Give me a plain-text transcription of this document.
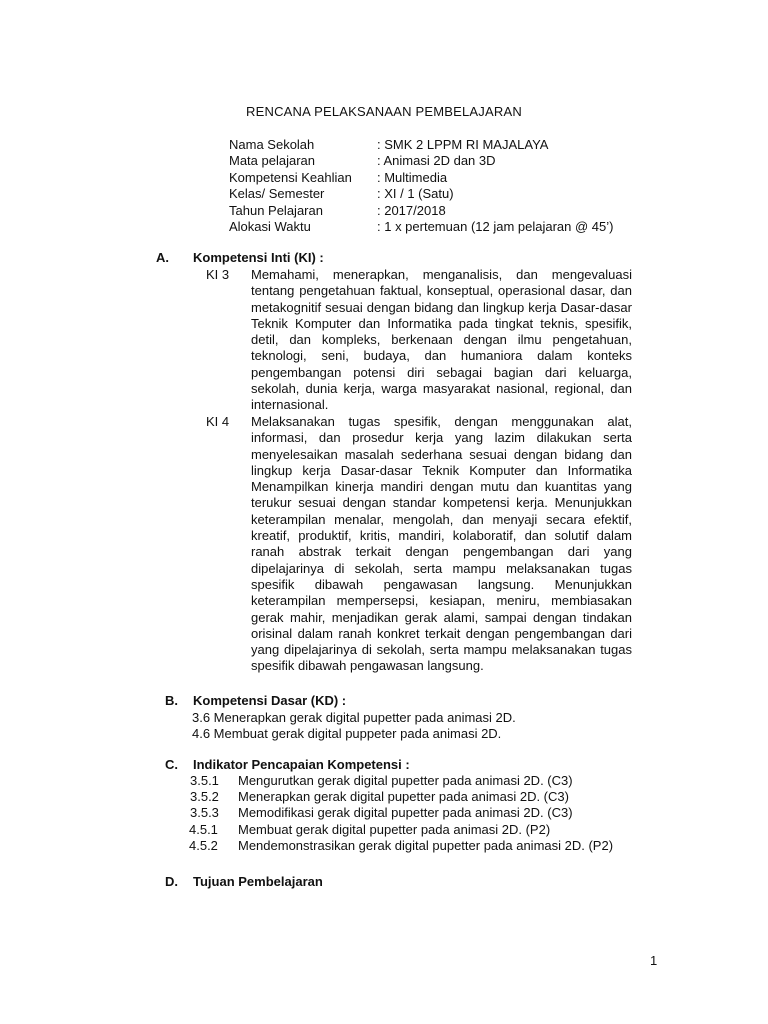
RENCANA PELAKSANAAN PEMBELAJARAN
Nama Sekolah	: SMK 2 LPPM RI MAJALAYA
Mata pelajaran	: Animasi 2D dan 3D
Kompetensi Keahlian : Multimedia
Kelas/ Semester	: XI / 1 (Satu)
Tahun Pelajaran	: 2017/2018
Alokasi Waktu	: 1 x pertemuan (12 jam pelajaran @ 45’)
A. Kompetensi Inti (KI) :
KI 3 Memahami, menerapkan, menganalisis, dan mengevaluasi tentang pengetahuan faktual, konseptual, operasional dasar, dan metakognitif sesuai dengan bidang dan lingkup kerja Dasar-dasar Teknik Komputer dan Informatika pada tingkat teknis, spesifik, detil, dan kompleks, berkenaan dengan ilmu pengetahuan, teknologi, seni, budaya, dan humaniora dalam konteks pengembangan potensi diri sebagai bagian dari keluarga, sekolah, dunia kerja, warga masyarakat nasional, regional, dan internasional.
KI 4 Melaksanakan tugas spesifik, dengan menggunakan alat, informasi, dan prosedur kerja yang lazim dilakukan serta menyelesaikan masalah sederhana sesuai dengan bidang dan lingkup kerja Dasar-dasar Teknik Komputer dan Informatika Menampilkan kinerja mandiri dengan mutu dan kuantitas yang terukur sesuai dengan standar kompetensi kerja. Menunjukkan keterampilan menalar, mengolah, dan menyaji secara efektif, kreatif, produktif, kritis, mandiri, kolaboratif, dan solutif dalam ranah abstrak terkait dengan pengembangan dari yang dipelajarinya di sekolah, serta mampu melaksanakan tugas spesifik dibawah pengawasan langsung. Menunjukkan keterampilan mempersepsi, kesiapan, meniru, membiasakan gerak mahir, menjadikan gerak alami, sampai dengan tindakan orisinal dalam ranah konkret terkait dengan pengembangan dari yang dipelajarinya di sekolah, serta mampu melaksanakan tugas spesifik dibawah pengawasan langsung.
B. Kompetensi Dasar (KD) :
3.6 Menerapkan gerak digital pupetter pada animasi 2D.
4.6 Membuat gerak digital puppeter pada animasi 2D.
C. Indikator Pencapaian Kompetensi :
3.5.1 Mengurutkan gerak digital pupetter pada animasi 2D. (C3)
3.5.2 Menerapkan gerak digital pupetter pada animasi 2D. (C3)
3.5.3 Memodifikasi gerak digital pupetter pada animasi 2D. (C3)
4.5.1 Membuat gerak digital pupetter pada animasi 2D. (P2)
4.5.2 Mendemonstrasikan gerak digital pupetter pada animasi 2D. (P2)
D. Tujuan Pembelajaran
1
